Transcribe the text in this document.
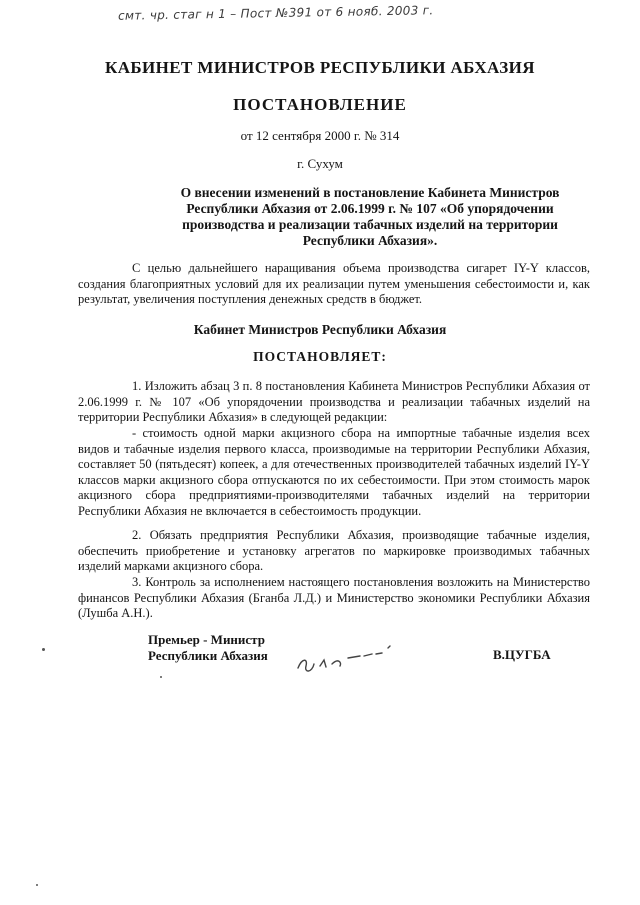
смт. чр. стаг н 1 – Пост №391 от 6 нояб. 2003 г.
КАБИНЕТ МИНИСТРОВ РЕСПУБЛИКИ АБХАЗИЯ
ПОСТАНОВЛЕНИЕ
от 12 сентября 2000 г. № 314
г. Сухум
О внесении изменений в постановление Кабинета Министров Республики Абхазия от 2.06.1999 г. № 107 «Об упорядочении производства и реализации табачных изделий на территории Республики Абхазия».

С целью дальнейшего наращивания объема производства сигарет IY-Y классов, создания благоприятных условий для их реализации путем уменьшения себестоимости и, как результат, увеличения поступления денежных средств в бюджет.

Кабинет Министров Республики Абхазия
ПОСТАНОВЛЯЕТ:

1. Изложить абзац 3 п. 8 постановления Кабинета Министров Республики Абхазия от 2.06.1999 г. № 107 «Об упорядочении производства и реализации табачных изделий на территории Республики Абхазия» в следующей редакции:

- стоимость одной марки акцизного сбора на импортные табачные изделия всех видов и табачные изделия первого класса, производимые на территории Республики Абхазия, составляет 50 (пятьдесят) копеек, а для отечественных производителей табачных изделий IY-Y классов марки акцизного сбора отпускаются по их себестоимости. При этом стоимость марок акцизного сбора предприятиями-производителями табачных изделий на территории Республики Абхазия не включается в себестоимость продукции.

2. Обязать предприятия Республики Абхазия, производящие табачные изделия, обеспечить приобретение и установку агрегатов по маркировке производимых табачных изделий марками акцизного сбора.

3. Контроль за исполнением настоящего постановления возложить на Министерство финансов Республики Абхазия (Бганба Л.Д.) и Министерство экономики Республики Абхазия (Лушба А.Н.).

Премьер - Министр
Республики Абхазия	В.ЦУГБА
